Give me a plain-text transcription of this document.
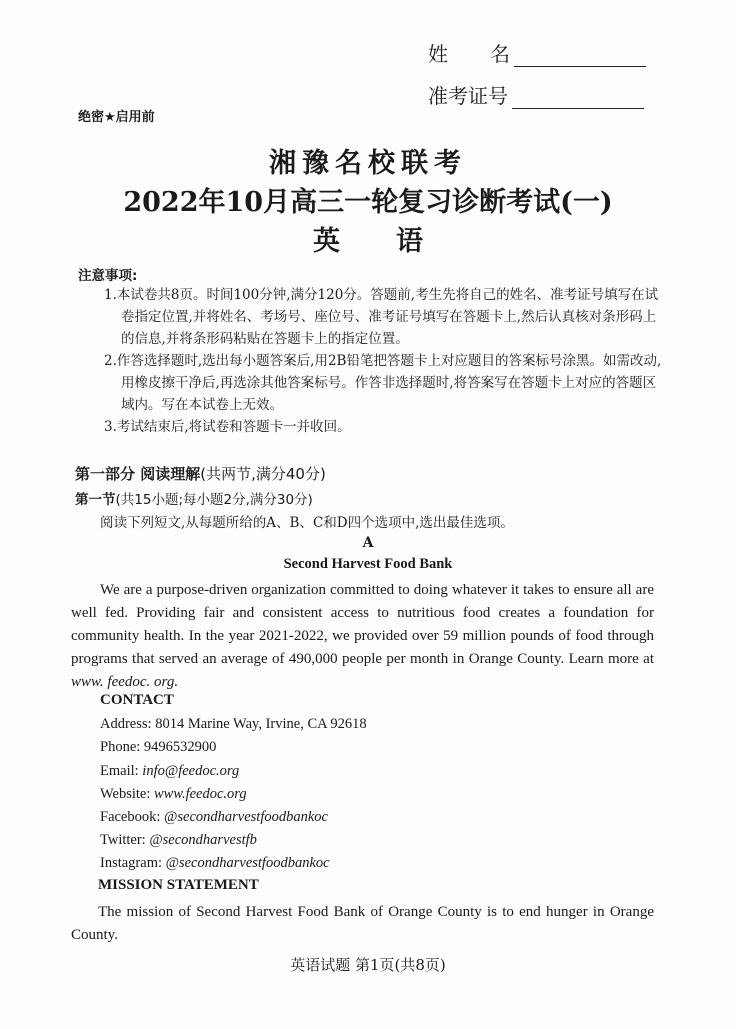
姓名
准考证号
绝密★启用前
湘豫名校联考
2022年10月高三一轮复习诊断考试(一)
英语
注意事项:
1.本试卷共8页。时间100分钟,满分120分。答题前,考生先将自己的姓名、准考证号填写在试卷指定位置,并将姓名、考场号、座位号、准考证号填写在答题卡上,然后认真核对条形码上的信息,并将条形码粘贴在答题卡上的指定位置。
2.作答选择题时,选出每小题答案后,用2B铅笔把答题卡上对应题目的答案标号涂黑。如需改动,用橡皮擦干净后,再选涂其他答案标号。作答非选择题时,将答案写在答题卡上对应的答题区域内。写在本试卷上无效。
3.考试结束后,将试卷和答题卡一并收回。
第一部分 阅读理解(共两节,满分40分)
第一节(共15小题;每小题2分,满分30分)
阅读下列短文,从每题所给的A、B、C和D四个选项中,选出最佳选项。
A
Second Harvest Food Bank
We are a purpose-driven organization committed to doing whatever it takes to ensure all are well fed. Providing fair and consistent access to nutritious food creates a foundation for community health. In the year 2021-2022, we provided over 59 million pounds of food through programs that served an average of 490,000 people per month in Orange County. Learn more at www. feedoc. org.
CONTACT
Address: 8014 Marine Way, Irvine, CA 92618
Phone: 9496532900
Email: info@feedoc.org
Website: www.feedoc.org
Facebook: @secondharvestfoodbankoc
Twitter: @secondharvestfb
Instagram: @secondharvestfoodbankoc
MISSION STATEMENT
The mission of Second Harvest Food Bank of Orange County is to end hunger in Orange County.
英语试题 第1页(共8页)
